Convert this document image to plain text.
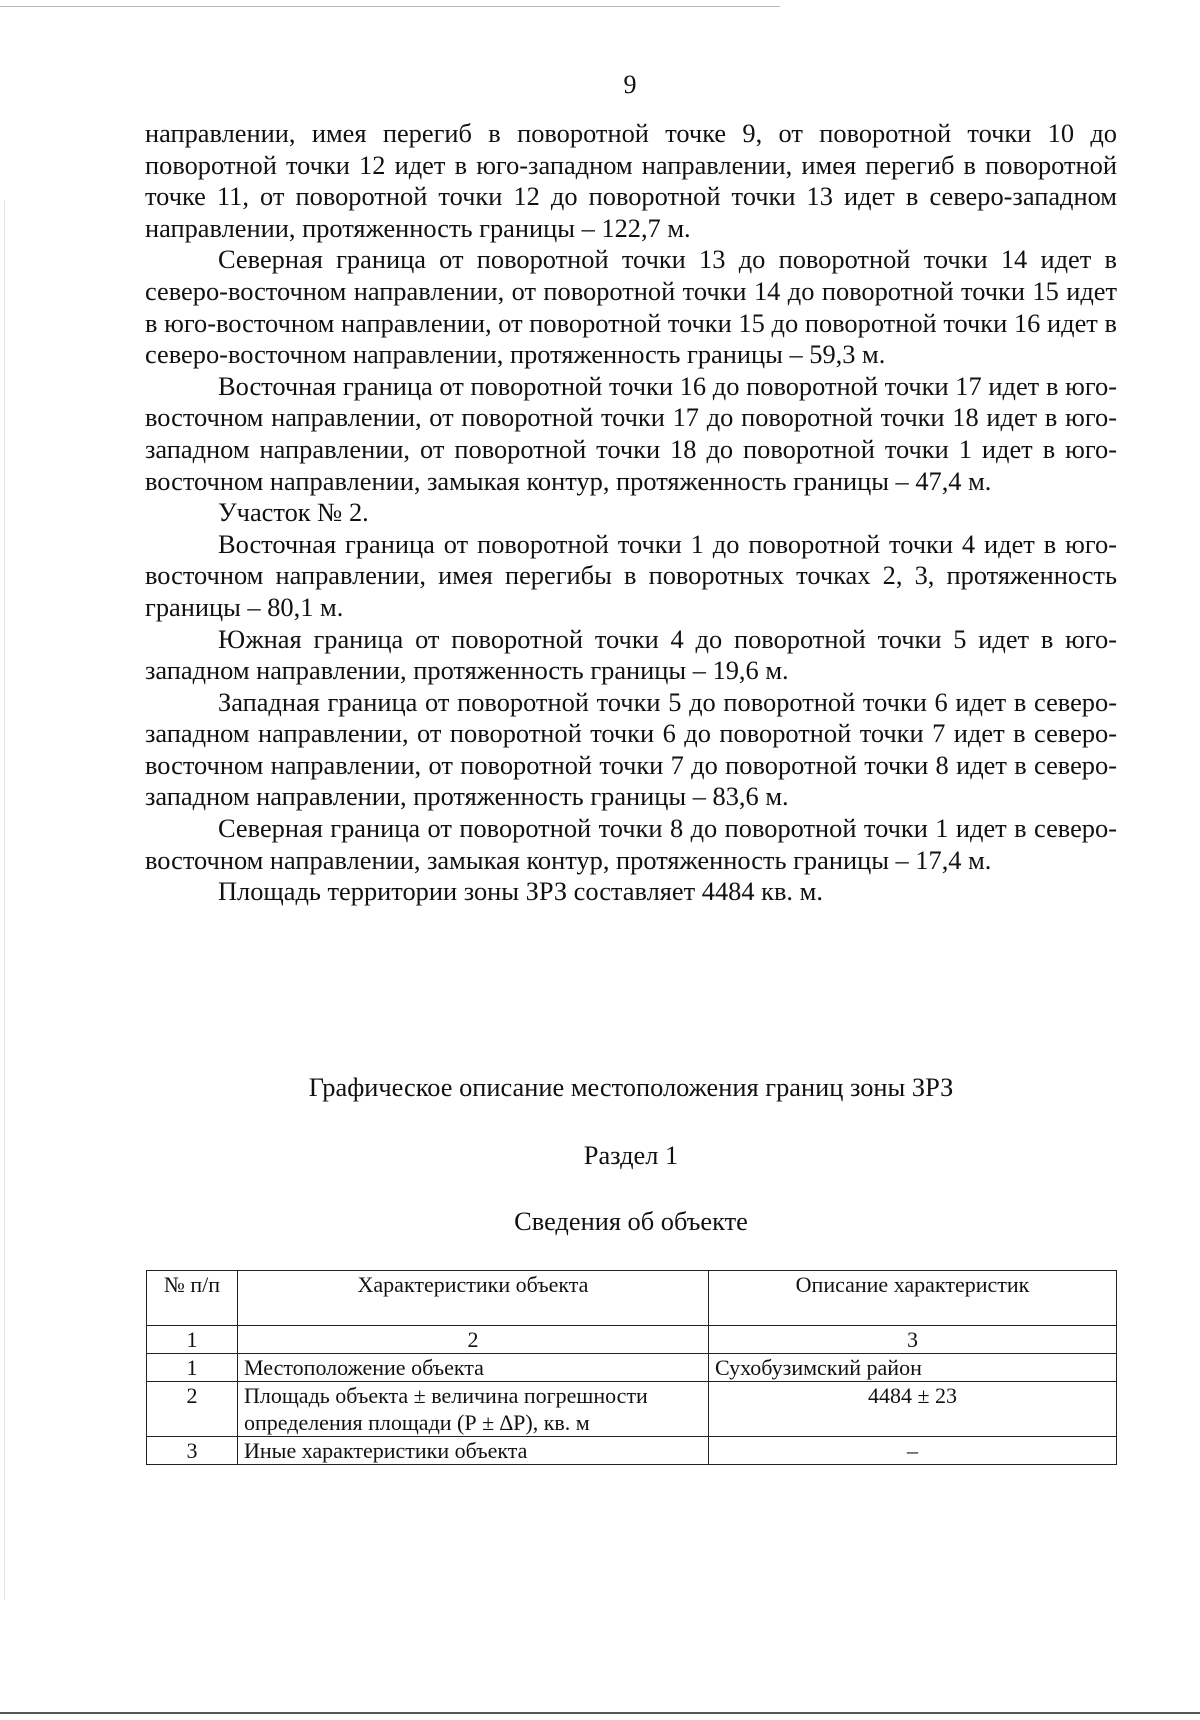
9

направлении, имея перегиб в поворотной точке 9, от поворотной точки 10 до поворотной точки 12 идет в юго-западном направлении, имея перегиб в поворотной точке 11, от поворотной точки 12 до поворотной точки 13 идет в северо-западном направлении, протяженность границы – 122,7 м.

Северная граница от поворотной точки 13 до поворотной точки 14 идет в северо-восточном направлении, от поворотной точки 14 до поворотной точки 15 идет в юго-восточном направлении, от поворотной точки 15 до поворотной точки 16 идет в северо-восточном направлении, протяженность границы – 59,3 м.

Восточная граница от поворотной точки 16 до поворотной точки 17 идет в юго-восточном направлении, от поворотной точки 17 до поворотной точки 18 идет в юго-западном направлении, от поворотной точки 18 до поворотной точки 1 идет в юго-восточном направлении, замыкая контур, протяженность границы – 47,4 м.

Участок № 2.

Восточная граница от поворотной точки 1 до поворотной точки 4 идет в юго-восточном направлении, имея перегибы в поворотных точках 2, 3, протяженность границы – 80,1 м.

Южная граница от поворотной точки 4 до поворотной точки 5 идет в юго-западном направлении, протяженность границы – 19,6 м.

Западная граница от поворотной точки 5 до поворотной точки 6 идет в северо-западном направлении, от поворотной точки 6 до поворотной точки 7 идет в северо-восточном направлении, от поворотной точки 7 до поворотной точки 8 идет в северо-западном направлении, протяженность границы – 83,6 м.

Северная граница от поворотной точки 8 до поворотной точки 1 идет в северо-восточном направлении, замыкая контур, протяженность границы – 17,4 м.

Площадь территории зоны ЗРЗ составляет 4484 кв. м.

Графическое описание местоположения границ зоны ЗРЗ
Раздел 1
Сведения об объекте
№ п/п	Характеристики объекта	Описание характеристик
1	2	3
1	Местоположение объекта	Сухобузимский район
2	Площадь объекта ± величина погрешности определения площади (Р ± ∆Р), кв. м	4484 ± 23
3	Иные характеристики объекта	–
